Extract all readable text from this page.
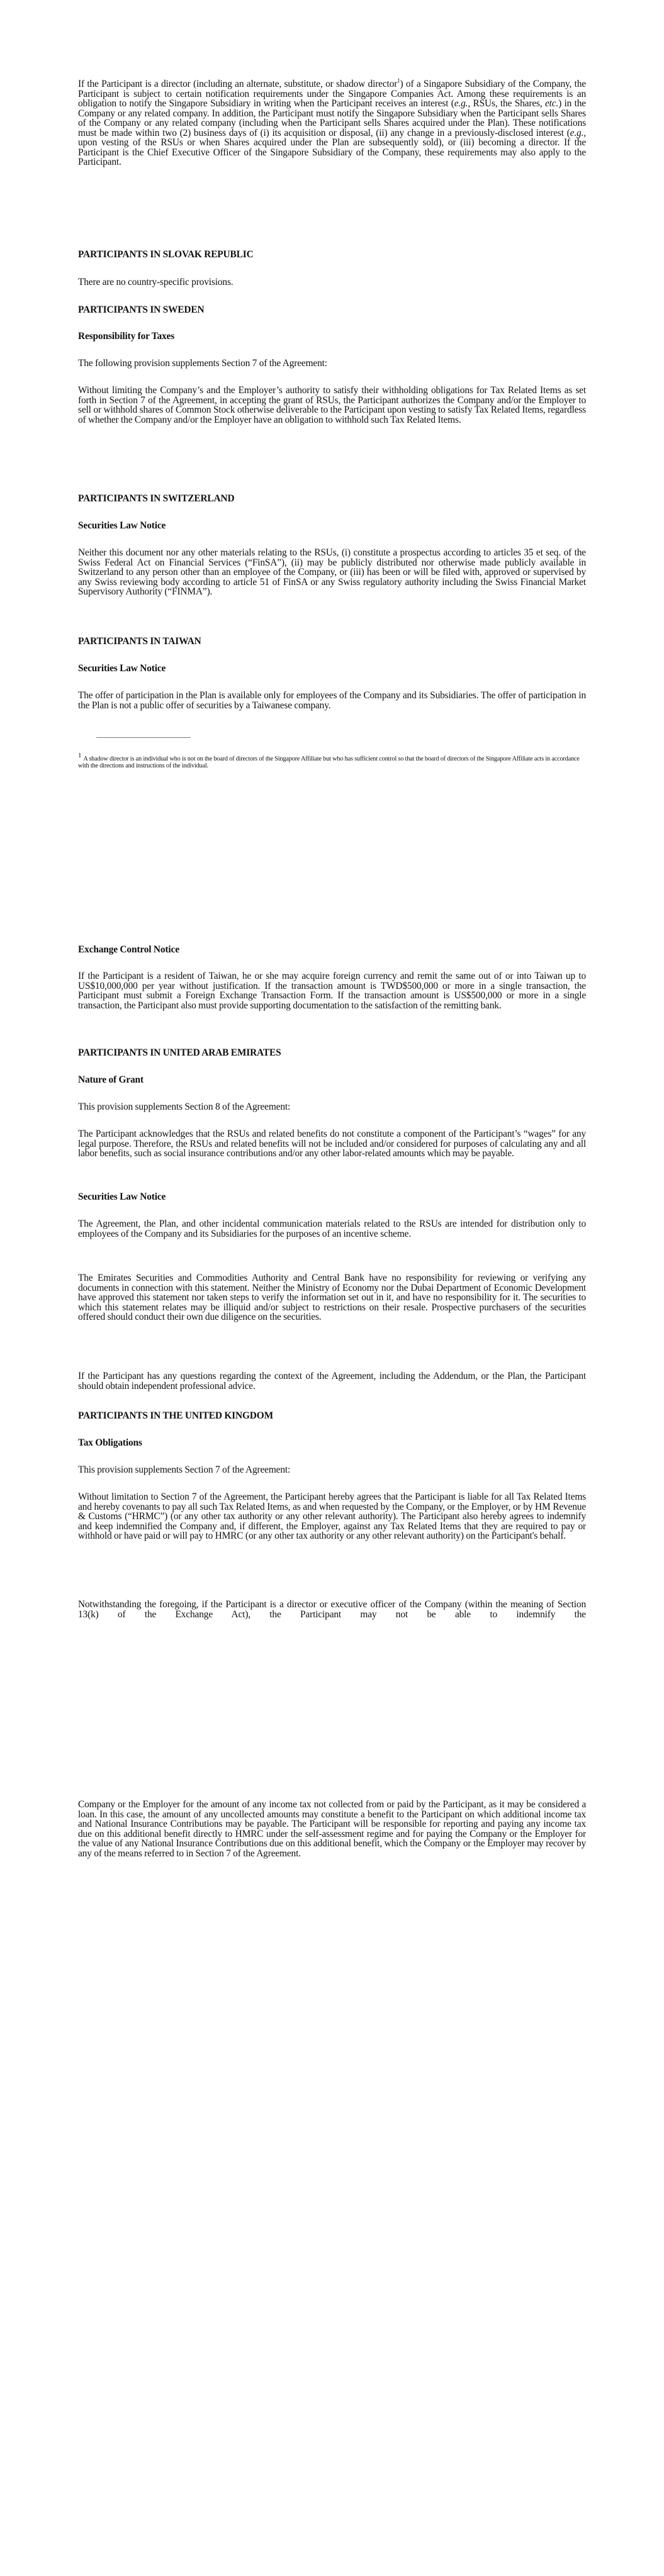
If the Participant is a director (including an alternate, substitute, or shadow director$^1$) of a Singapore Subsidiary of the Company, the Participant is subject to certain notification requirements under the Singapore Companies Act. Among these requirements is an obligation to notify the Singapore Subsidiary in writing when the Participant receives an interest (e.g., RSUs, the Shares, etc.) in the Company or any related company. In addition, the Participant must notify the Singapore Subsidiary when the Participant sells Shares of the Company or any related company (including when the Participant sells Shares acquired under the Plan). These notifications must be made within two (2) business days of (i) its acquisition or disposal, (ii) any change in a previously-disclosed interest (e.g., upon vesting of the RSUs or when Shares acquired under the Plan are subsequently sold), or (iii) becoming a director. If the Participant is the Chief Executive Officer of the Singapore Subsidiary of the Company, these requirements may also apply to the Participant.

PARTICIPANTS IN SLOVAK REPUBLIC

There are no country-specific provisions.

PARTICIPANTS IN SWEDEN

Responsibility for Taxes

The following provision supplements Section 7 of the Agreement:

Without limiting the Company’s and the Employer’s authority to satisfy their withholding obligations for Tax Related Items as set forth in Section 7 of the Agreement, in accepting the grant of RSUs, the Participant authorizes the Company and/or the Employer to sell or withhold shares of Common Stock otherwise deliverable to the Participant upon vesting to satisfy Tax Related Items, regardless of whether the Company and/or the Employer have an obligation to withhold such Tax Related Items.

PARTICIPANTS IN SWITZERLAND

Securities Law Notice

Neither this document nor any other materials relating to the RSUs, (i) constitute a prospectus according to articles 35 et seq. of the Swiss Federal Act on Financial Services (“FinSA”), (ii) may be publicly distributed nor otherwise made publicly available in Switzerland to any person other than an employee of the Company, or (iii) has been or will be filed with, approved or supervised by any Swiss reviewing body according to article 51 of FinSA or any Swiss regulatory authority including the Swiss Financial Market Supervisory Authority (“FINMA”).

PARTICIPANTS IN TAIWAN

Securities Law Notice

The offer of participation in the Plan is available only for employees of the Company and its Subsidiaries. The offer of participation in the Plan is not a public offer of securities by a Taiwanese company.

$^1$ A shadow director is an individual who is not on the board of directors of the Singapore Affiliate but who has sufficient control so that the board of directors of the Singapore Affiliate acts in accordance with the directions and instructions of the individual.

Exchange Control Notice

If the Participant is a resident of Taiwan, he or she may acquire foreign currency and remit the same out of or into Taiwan up to US$10,000,000 per year without justification. If the transaction amount is TWD$500,000 or more in a single transaction, the Participant must submit a Foreign Exchange Transaction Form. If the transaction amount is US$500,000 or more in a single transaction, the Participant also must provide supporting documentation to the satisfaction of the remitting bank.

PARTICIPANTS IN UNITED ARAB EMIRATES

Nature of Grant

This provision supplements Section 8 of the Agreement:

The Participant acknowledges that the RSUs and related benefits do not constitute a component of the Participant’s “wages” for any legal purpose. Therefore, the RSUs and related benefits will not be included and/or considered for purposes of calculating any and all labor benefits, such as social insurance contributions and/or any other labor-related amounts which may be payable.

Securities Law Notice

The Agreement, the Plan, and other incidental communication materials related to the RSUs are intended for distribution only to employees of the Company and its Subsidiaries for the purposes of an incentive scheme.

The Emirates Securities and Commodities Authority and Central Bank have no responsibility for reviewing or verifying any documents in connection with this statement. Neither the Ministry of Economy nor the Dubai Department of Economic Development have approved this statement nor taken steps to verify the information set out in it, and have no responsibility for it. The securities to which this statement relates may be illiquid and/or subject to restrictions on their resale. Prospective purchasers of the securities offered should conduct their own due diligence on the securities.

If the Participant has any questions regarding the context of the Agreement, including the Addendum, or the Plan, the Participant should obtain independent professional advice.

PARTICIPANTS IN THE UNITED KINGDOM

Tax Obligations

This provision supplements Section 7 of the Agreement:

Without limitation to Section 7 of the Agreement, the Participant hereby agrees that the Participant is liable for all Tax Related Items and hereby covenants to pay all such Tax Related Items, as and when requested by the Company, or the Employer, or by HM Revenue & Customs (“HRMC”) (or any other tax authority or any other relevant authority). The Participant also hereby agrees to indemnify and keep indemnified the Company and, if different, the Employer, against any Tax Related Items that they are required to pay or withhold or have paid or will pay to HMRC (or any other tax authority or any other relevant authority) on the Participant's behalf.

Notwithstanding the foregoing, if the Participant is a director or executive officer of the Company (within the meaning of Section 13(k) of the Exchange Act), the Participant may not be able to indemnify the

Company or the Employer for the amount of any income tax not collected from or paid by the Participant, as it may be considered a loan. In this case, the amount of any uncollected amounts may constitute a benefit to the Participant on which additional income tax and National Insurance Contributions may be payable. The Participant will be responsible for reporting and paying any income tax due on this additional benefit directly to HMRC under the self-assessment regime and for paying the Company or the Employer for the value of any National Insurance Contributions due on this additional benefit, which the Company or the Employer may recover by any of the means referred to in Section 7 of the Agreement.
